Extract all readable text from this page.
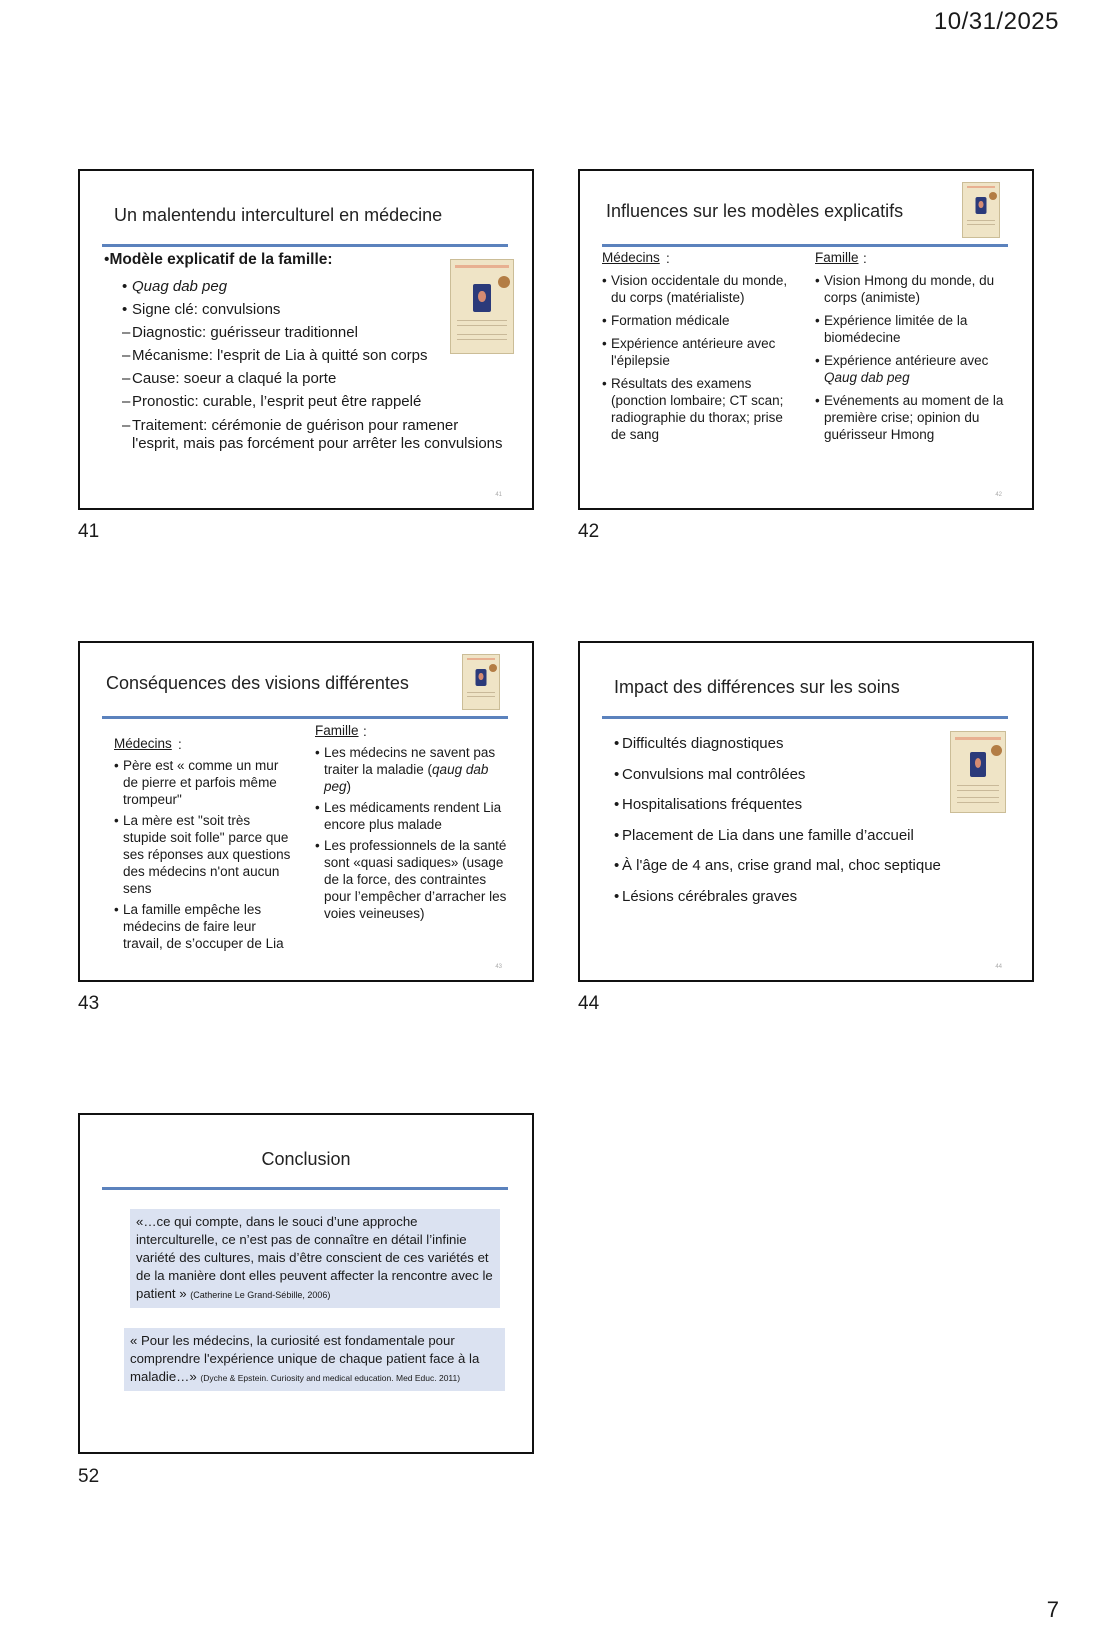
10/31/2025
Un malentendu interculturel en médecine
•Modèle explicatif de la famille:
• Quag dab peg
• Signe clé: convulsions
– Diagnostic: guérisseur traditionnel
– Mécanisme: l'esprit de Lia à quitté son corps
– Cause: soeur a claqué la porte
– Pronostic: curable, l’esprit peut être rappelé
– Traitement: cérémonie de guérison pour ramener l'esprit, mais pas forcément pour arrêter les convulsions
41
41
Influences sur les modèles explicatifs
Médecins :
• Vision occidentale du monde, du corps (matérialiste)
• Formation médicale
• Expérience antérieure avec l'épilepsie
• Résultats des examens (ponction lombaire; CT scan; radiographie du thorax; prise de sang
Famille :
• Vision Hmong du monde, du corps (animiste)
• Expérience limitée de la biomédecine
• Expérience antérieure avec
Qaug dab peg
• Evénements au moment de la première crise; opinion du guérisseur Hmong
42
42
Conséquences des visions différentes
Médecins :
• Père est « comme un mur de pierre et parfois même trompeur"
• La mère est "soit très stupide soit folle" parce que ses réponses aux questions des médecins n'ont aucun sens
• La famille empêche les médecins de faire leur travail, de s’occuper de Lia
Famille :
• Les médecins ne savent pas traiter la maladie (qaug dab peg)
• Les médicaments rendent Lia encore plus malade
• Les professionnels de la santé sont «quasi sadiques» (usage de la force, des contraintes pour l’empêcher d’arracher les voies veineuses)
43
43
Impact des différences sur les soins
• Difficultés diagnostiques
• Convulsions mal contrôlées
• Hospitalisations fréquentes
• Placement de Lia dans une famille d’accueil
• À l'âge de 4 ans, crise grand mal, choc septique
• Lésions cérébrales graves
44
44
Conclusion
«…ce qui compte, dans le souci d’une approche interculturelle, ce n’est pas de connaître en détail l’infinie variété des cultures, mais d’être conscient de ces variétés et de la manière dont elles peuvent affecter la rencontre avec le patient » (Catherine Le Grand-Sébille, 2006)
« Pour les médecins, la curiosité est fondamentale pour comprendre l'expérience unique de chaque patient face à la maladie…» (Dyche & Epstein. Curiosity and medical education. Med Educ. 2011)
52
7
